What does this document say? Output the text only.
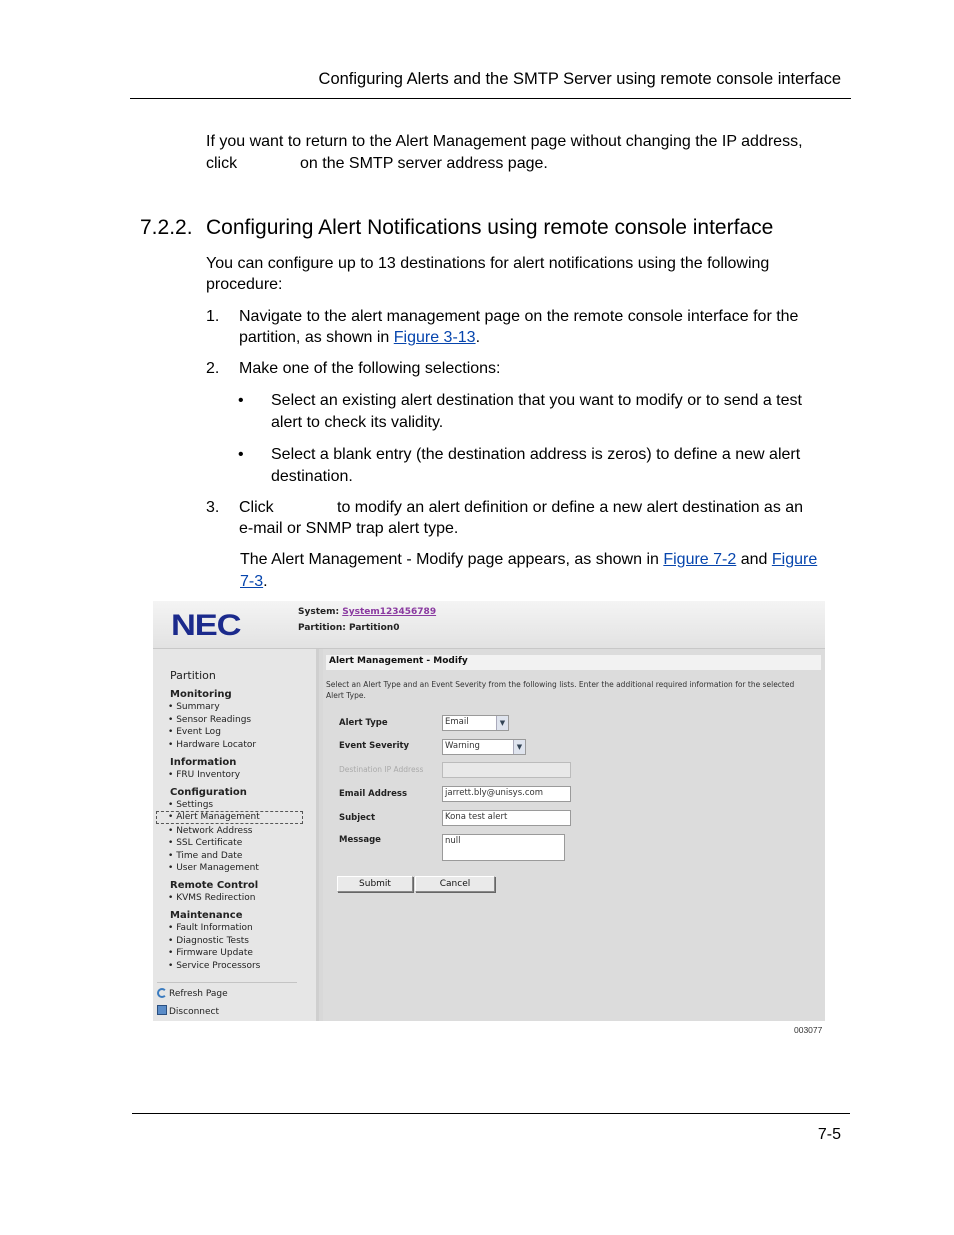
Configuring Alerts and the SMTP Server using remote console interface
If you want to return to the Alert Management page without changing the IP address,
click	on the SMTP server address page.
7.2.2. Configuring Alert Notifications using remote console interface
You can configure up to 13 destinations for alert notifications using the following
procedure:
1. Navigate to the alert management page on the remote console interface for the
partition, as shown in Figure 3-13.
2. Make one of the following selections:
• Select an existing alert destination that you want to modify or to send a test
alert to check its validity.
• Select a blank entry (the destination address is zeros) to define a new alert
destination.
3. Click	to modify an alert definition or define a new alert destination as an
e-mail or SNMP trap alert type.
The Alert Management - Modify page appears, as shown in Figure 7-2 and Figure
7-3.
NEC	System: System123456789
Partition: Partition0
Partition
Monitoring
• Summary
• Sensor Readings
• Event Log
• Hardware Locator
Information
• FRU Inventory
Configuration
• Settings
• Alert Management
• Network Address
• SSL Certificate
• Time and Date
• User Management
Remote Control
• KVMS Redirection
Maintenance
• Fault Information
• Diagnostic Tests
• Firmware Update
• Service Processors
Refresh Page
Disconnect
Alert Management - Modify
Select an Alert Type and an Event Severity from the following lists. Enter the additional required information for the selected Alert Type.
Alert Type	Email	▼
Event Severity	Warning	▼
Destination IP Address
Email Address	jarrett.bly@unisys.com
Subject	Kona test alert
Message	null
Submit	Cancel
003077
7-5
